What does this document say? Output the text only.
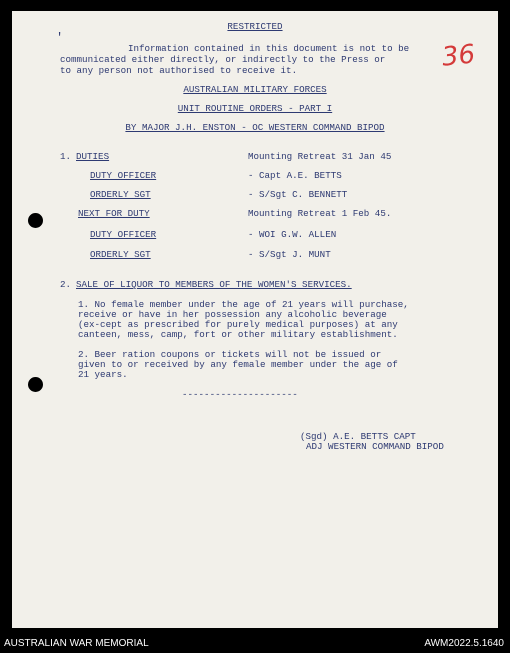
RESTRICTED
'
Information contained in this document is not to be
communicated either directly, or indirectly to the Press or
to any person not authorised to receive it.	36
AUSTRALIAN MILITARY FORCES
UNIT ROUTINE ORDERS - PART I
BY MAJOR J.H. ENSTON - OC WESTERN COMMAND BIPOD
1. DUTIES	Mounting Retreat 31 Jan 45
DUTY OFFICER	- Capt A.E. BETTS
ORDERLY SGT	- S/Sgt C. BENNETT
NEXT FOR DUTY	Mounting Retreat 1 Feb 45.
DUTY OFFICER	- WOI G.W. ALLEN
ORDERLY SGT	- S/Sgt J. MUNT
2. SALE OF LIQUOR TO MEMBERS OF THE WOMEN'S SERVICES.
1. No female member under the age of 21 years will purchase,
receive or have in her possession any alcoholic beverage
(ex-cept as prescribed for purely medical purposes) at any
canteen, mess, camp, fort or other military establishment.
2. Beer ration coupons or tickets will not be issued or
given to or received by any female member under the age of
21 years.
---------------------
(Sgd) A.E. BETTS CAPT
ADJ WESTERN COMMAND BIPOD
AUSTRALIAN WAR MEMORIAL	AWM2022.5.1640
